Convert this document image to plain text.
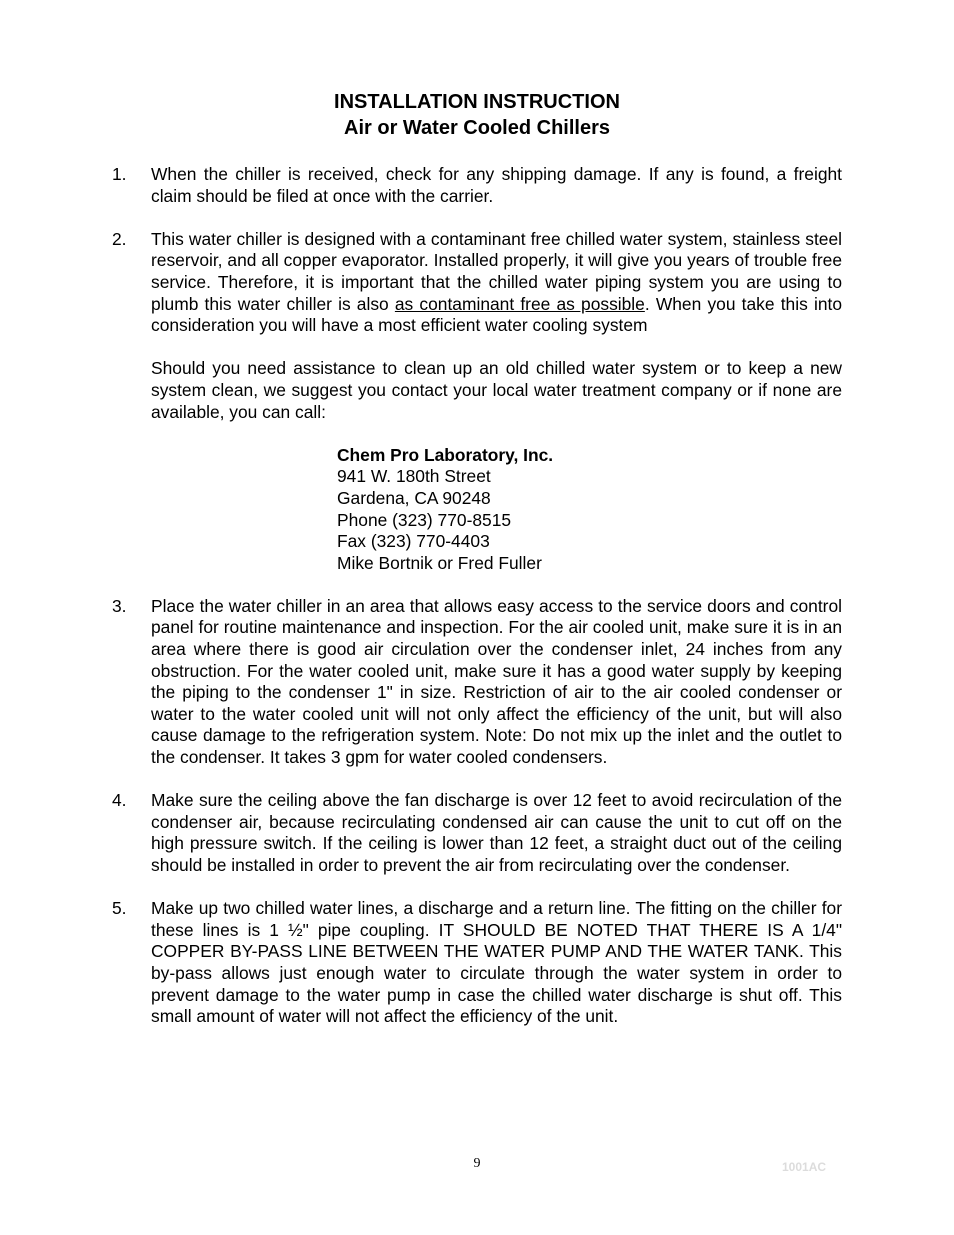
INSTALLATION INSTRUCTION
Air or Water Cooled Chillers
1. When the chiller is received, check for any shipping damage. If any is found, a freight claim should be filed at once with the carrier.

2. This water chiller is designed with a contaminant free chilled water system, stainless steel reservoir, and all copper evaporator. Installed properly, it will give you years of trouble free service. Therefore, it is important that the chilled water piping system you are using to plumb this water chiller is also as contaminant free as possible. When you take this into consideration you will have a most efficient water cooling system

Should you need assistance to clean up an old chilled water system or to keep a new system clean, we suggest you contact your local water treatment company or if none are available, you can call:

Chem Pro Laboratory, Inc.
941 W. 180th Street
Gardena, CA 90248
Phone (323) 770-8515
Fax (323) 770-4403
Mike Bortnik or Fred Fuller
3. Place the water chiller in an area that allows easy access to the service doors and control panel for routine maintenance and inspection. For the air cooled unit, make sure it is in an area where there is good air circulation over the condenser inlet, 24 inches from any obstruction. For the water cooled unit, make sure it has a good water supply by keeping the piping to the condenser 1" in size. Restriction of air to the air cooled condenser or water to the water cooled unit will not only affect the efficiency of the unit, but will also cause damage to the refrigeration system. Note: Do not mix up the inlet and the outlet to the condenser. It takes 3 gpm for water cooled condensers.

4. Make sure the ceiling above the fan discharge is over 12 feet to avoid recirculation of the condenser air, because recirculating condensed air can cause the unit to cut off on the high pressure switch. If the ceiling is lower than 12 feet, a straight duct out of the ceiling should be installed in order to prevent the air from recirculating over the condenser.

5. Make up two chilled water lines, a discharge and a return line. The fitting on the chiller for these lines is 1 ½" pipe coupling. IT SHOULD BE NOTED THAT THERE IS A 1/4" COPPER BY-PASS LINE BETWEEN THE WATER PUMP AND THE WATER TANK. This by-pass allows just enough water to circulate through the water system in order to prevent damage to the water pump in case the chilled water discharge is shut off. This small amount of water will not affect the efficiency of the unit.

9	1001AC
